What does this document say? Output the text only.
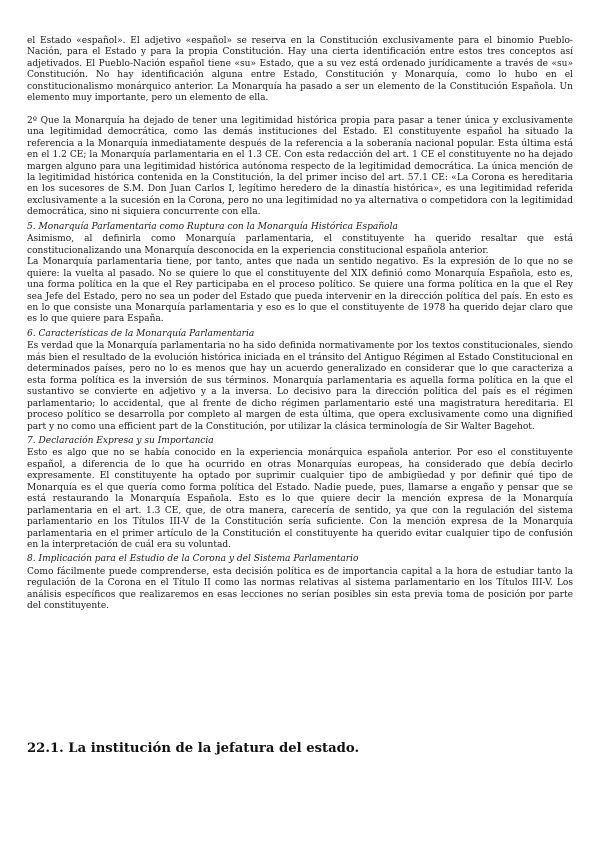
el Estado «español». El adjetivo «español» se reserva en la Constitución exclusivamente para el binomio Pueblo-Nación, para el Estado y para la propia Constitución. Hay una cierta identificación entre estos tres conceptos así adjetivados. El Pueblo-Nación español tiene «su» Estado, que a su vez está ordenado jurídicamente a través de «su» Constitución. No hay identificación alguna entre Estado, Constitución y Monarquía, como lo hubo en el constitucionalismo monárquico anterior. La Monarquía ha pasado a ser un elemento de la Constitución Española. Un elemento muy importante, pero un elemento de ella.

2º Que la Monarquía ha dejado de tener una legitimidad histórica propia para pasar a tener única y exclusivamente una legitimidad democrática, como las demás instituciones del Estado. El constituyente español ha situado la referencia a la Monarquía inmediatamente después de la referencia a la soberanía nacional popular. Esta última está en el 1.2 CE; la Monarquía parlamentaria en el 1.3 CE. Con esta redacción del art. 1 CE el constituyente no ha dejado margen alguno para una legitimidad histórica autónoma respecto de la legitimidad democrática. La única mención de la legitimidad histórica contenida en la Constitución, la del primer inciso del art. 57.1 CE: «La Corona es hereditaria en los sucesores de S.M. Don Juan Carlos I, legítimo heredero de la dinastía histórica», es una legitimidad referida exclusivamente a la sucesión en la Corona, pero no una legitimidad no ya alternativa o competidora con la legitimidad democrática, sino ni siquiera concurrente con ella.

5. Monarquía Parlamentaria como Ruptura con la Monarquía Histórica Española

Asimismo, al definirla como Monarquía parlamentaria, el constituyente ha querido resaltar que está constitucionalizando una Monarquía desconocida en la experiencia constitucional española anterior.

La Monarquía parlamentaria tiene, por tanto, antes que nada un sentido negativo. Es la expresión de lo que no se quiere: la vuelta al pasado. No se quiere lo que el constituyente del XIX definió como Monarquía Española, esto es, una forma política en la que el Rey participaba en el proceso político. Se quiere una forma política en la que el Rey sea Jefe del Estado, pero no sea un poder del Estado que pueda intervenir en la dirección política del país. En esto es en lo que consiste una Monarquía parlamentaria y eso es lo que el constituyente de 1978 ha querido dejar claro que es lo que quiere para España.

6. Características de la Monarquía Parlamentaria

Es verdad que la Monarquía parlamentaria no ha sido definida normativamente por los textos constitucionales, siendo más bien el resultado de la evolución histórica iniciada en el tránsito del Antiguo Régimen al Estado Constitucional en determinados países, pero no lo es menos que hay un acuerdo generalizado en considerar que lo que caracteriza a esta forma política es la inversión de sus términos. Monarquía parlamentaria es aquella forma política en la que el sustantivo se convierte en adjetivo y a la inversa. Lo decisivo para la dirección política del país es el régimen parlamentario; lo accidental, que al frente de dicho régimen parlamentario esté una magistratura hereditaria. El proceso político se desarrolla por completo al margen de esta última, que opera exclusivamente como una dignified part y no como una efficient part de la Constitución, por utilizar la clásica terminología de Sir Walter Bagehot.

7. Declaración Expresa y su Importancia

Esto es algo que no se había conocido en la experiencia monárquica española anterior. Por eso el constituyente español, a diferencia de lo que ha ocurrido en otras Monarquías europeas, ha considerado que debía decirlo expresamente. El constituyente ha optado por suprimir cualquier tipo de ambigüedad y por definir qué tipo de Monarquía es el que quería como forma política del Estado. Nadie puede, pues, llamarse a engaño y pensar que se está restaurando la Monarquía Española. Esto es lo que quiere decir la mención expresa de la Monarquía parlamentaria en el art. 1.3 CE, que, de otra manera, carecería de sentido, ya que con la regulación del sistema parlamentario en los Títulos III-V de la Constitución sería suficiente. Con la mención expresa de la Monarquía parlamentaria en el primer artículo de la Constitución el constituyente ha querido evitar cualquier tipo de confusión en la interpretación de cuál era su voluntad.

8. Implicación para el Estudio de la Corona y del Sistema Parlamentario

Como fácilmente puede comprenderse, esta decisión política es de importancia capital a la hora de estudiar tanto la regulación de la Corona en el Título II como las normas relativas al sistema parlamentario en los Títulos III-V. Los análisis específicos que realizaremos en esas lecciones no serían posibles sin esta previa toma de posición por parte del constituyente.

22.1. La institución de la jefatura del estado.
